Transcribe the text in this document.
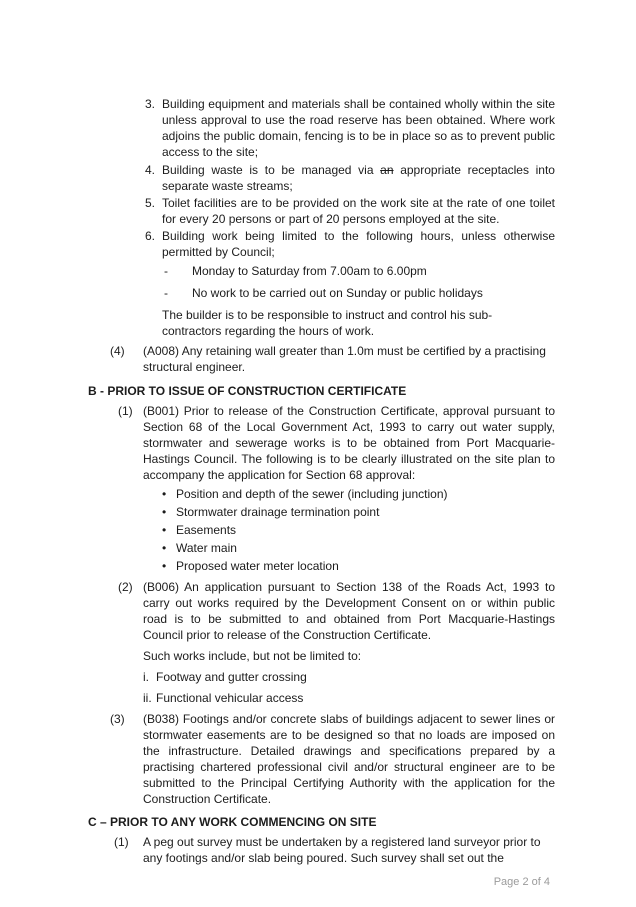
3. Building equipment and materials shall be contained wholly within the site unless approval to use the road reserve has been obtained. Where work adjoins the public domain, fencing is to be in place so as to prevent public access to the site;
4. Building waste is to be managed via an appropriate receptacles into separate waste streams;
5. Toilet facilities are to be provided on the work site at the rate of one toilet for every 20 persons or part of 20 persons employed at the site.
6. Building work being limited to the following hours, unless otherwise permitted by Council;
-	Monday to Saturday from 7.00am to 6.00pm
-	No work to be carried out on Sunday or public holidays
The builder is to be responsible to instruct and control his sub-contractors regarding the hours of work.
(4)	(A008) Any retaining wall greater than 1.0m must be certified by a practising structural engineer.
B - PRIOR TO ISSUE OF CONSTRUCTION CERTIFICATE
(1) (B001) Prior to release of the Construction Certificate, approval pursuant to Section 68 of the Local Government Act, 1993 to carry out water supply, stormwater and sewerage works is to be obtained from Port Macquarie-Hastings Council. The following is to be clearly illustrated on the site plan to accompany the application for Section 68 approval:
• Position and depth of the sewer (including junction)
• Stormwater drainage termination point
• Easements
• Water main
• Proposed water meter location
(2) (B006) An application pursuant to Section 138 of the Roads Act, 1993 to carry out works required by the Development Consent on or within public road is to be submitted to and obtained from Port Macquarie-Hastings Council prior to release of the Construction Certificate.
Such works include, but not be limited to:
i. Footway and gutter crossing
ii. Functional vehicular access
(3)	(B038) Footings and/or concrete slabs of buildings adjacent to sewer lines or stormwater easements are to be designed so that no loads are imposed on the infrastructure. Detailed drawings and specifications prepared by a practising chartered professional civil and/or structural engineer are to be submitted to the Principal Certifying Authority with the application for the Construction Certificate.
C – PRIOR TO ANY WORK COMMENCING ON SITE
(1)	A peg out survey must be undertaken by a registered land surveyor prior to any footings and/or slab being poured. Such survey shall set out the
Page 2 of 4
